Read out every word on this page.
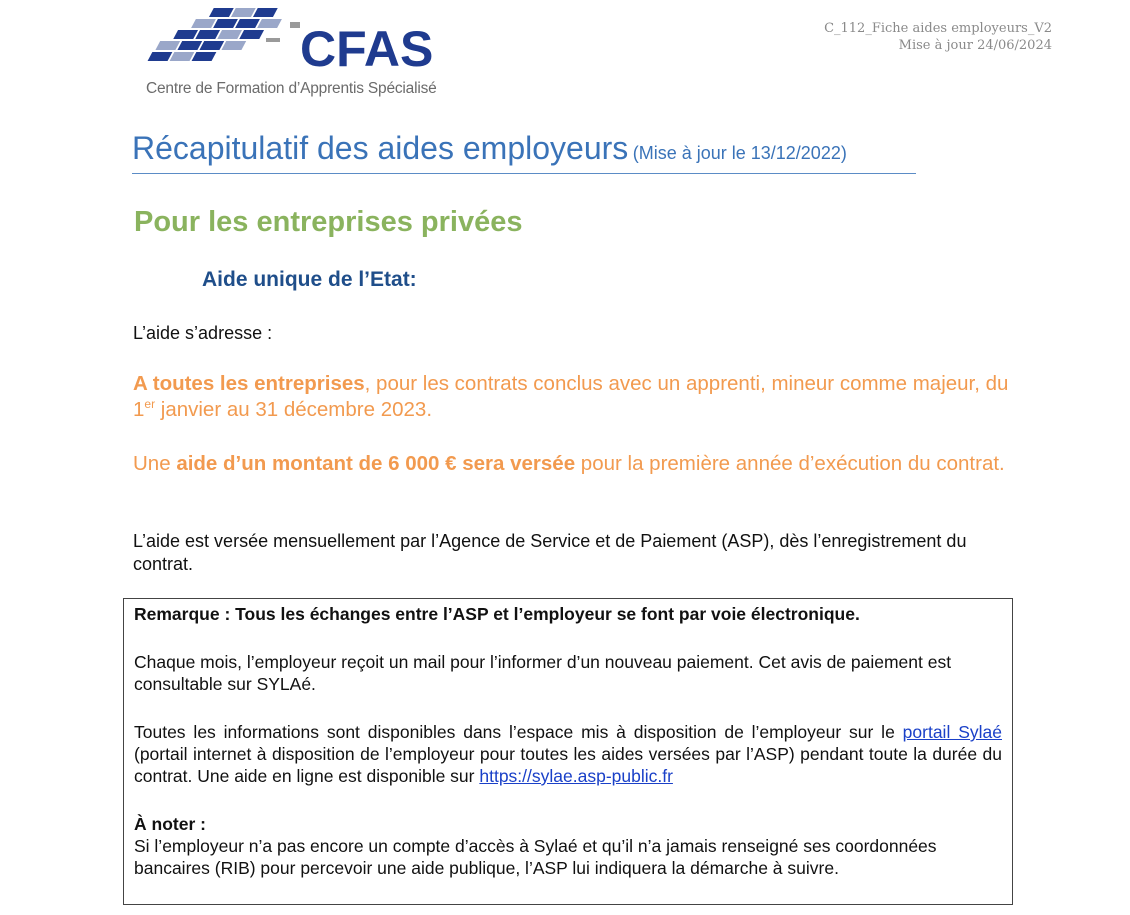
CFAS
Centre de Formation d’Apprentis Spécialisé
C_112_Fiche aides employeurs_V2
Mise à jour 24/06/2024
Récapitulatif des aides employeurs (Mise à jour le 13/12/2022)
Pour les entreprises privées
Aide unique de l’Etat:
L’aide s’adresse :
A toutes les entreprises, pour les contrats conclus avec un apprenti, mineur comme majeur, du 1er janvier au 31 décembre 2023.
Une aide d’un montant de 6 000 € sera versée pour la première année d’exécution du contrat.
L’aide est versée mensuellement par l’Agence de Service et de Paiement (ASP), dès l’enregistrement du contrat.

Remarque : Tous les échanges entre l’ASP et l’employeur se font par voie électronique.

Chaque mois, l’employeur reçoit un mail pour l’informer d’un nouveau paiement. Cet avis de paiement est consultable sur SYLAé.

Toutes les informations sont disponibles dans l’espace mis à disposition de l’employeur sur le portail Sylaé (portail internet à disposition de l’employeur pour toutes les aides versées par l’ASP) pendant toute la durée du contrat. Une aide en ligne est disponible sur https://sylae.asp-public.fr

À noter :

Si l’employeur n’a pas encore un compte d’accès à Sylaé et qu’il n’a jamais renseigné ses coordonnées bancaires (RIB) pour percevoir une aide publique, l’ASP lui indiquera la démarche à suivre.
